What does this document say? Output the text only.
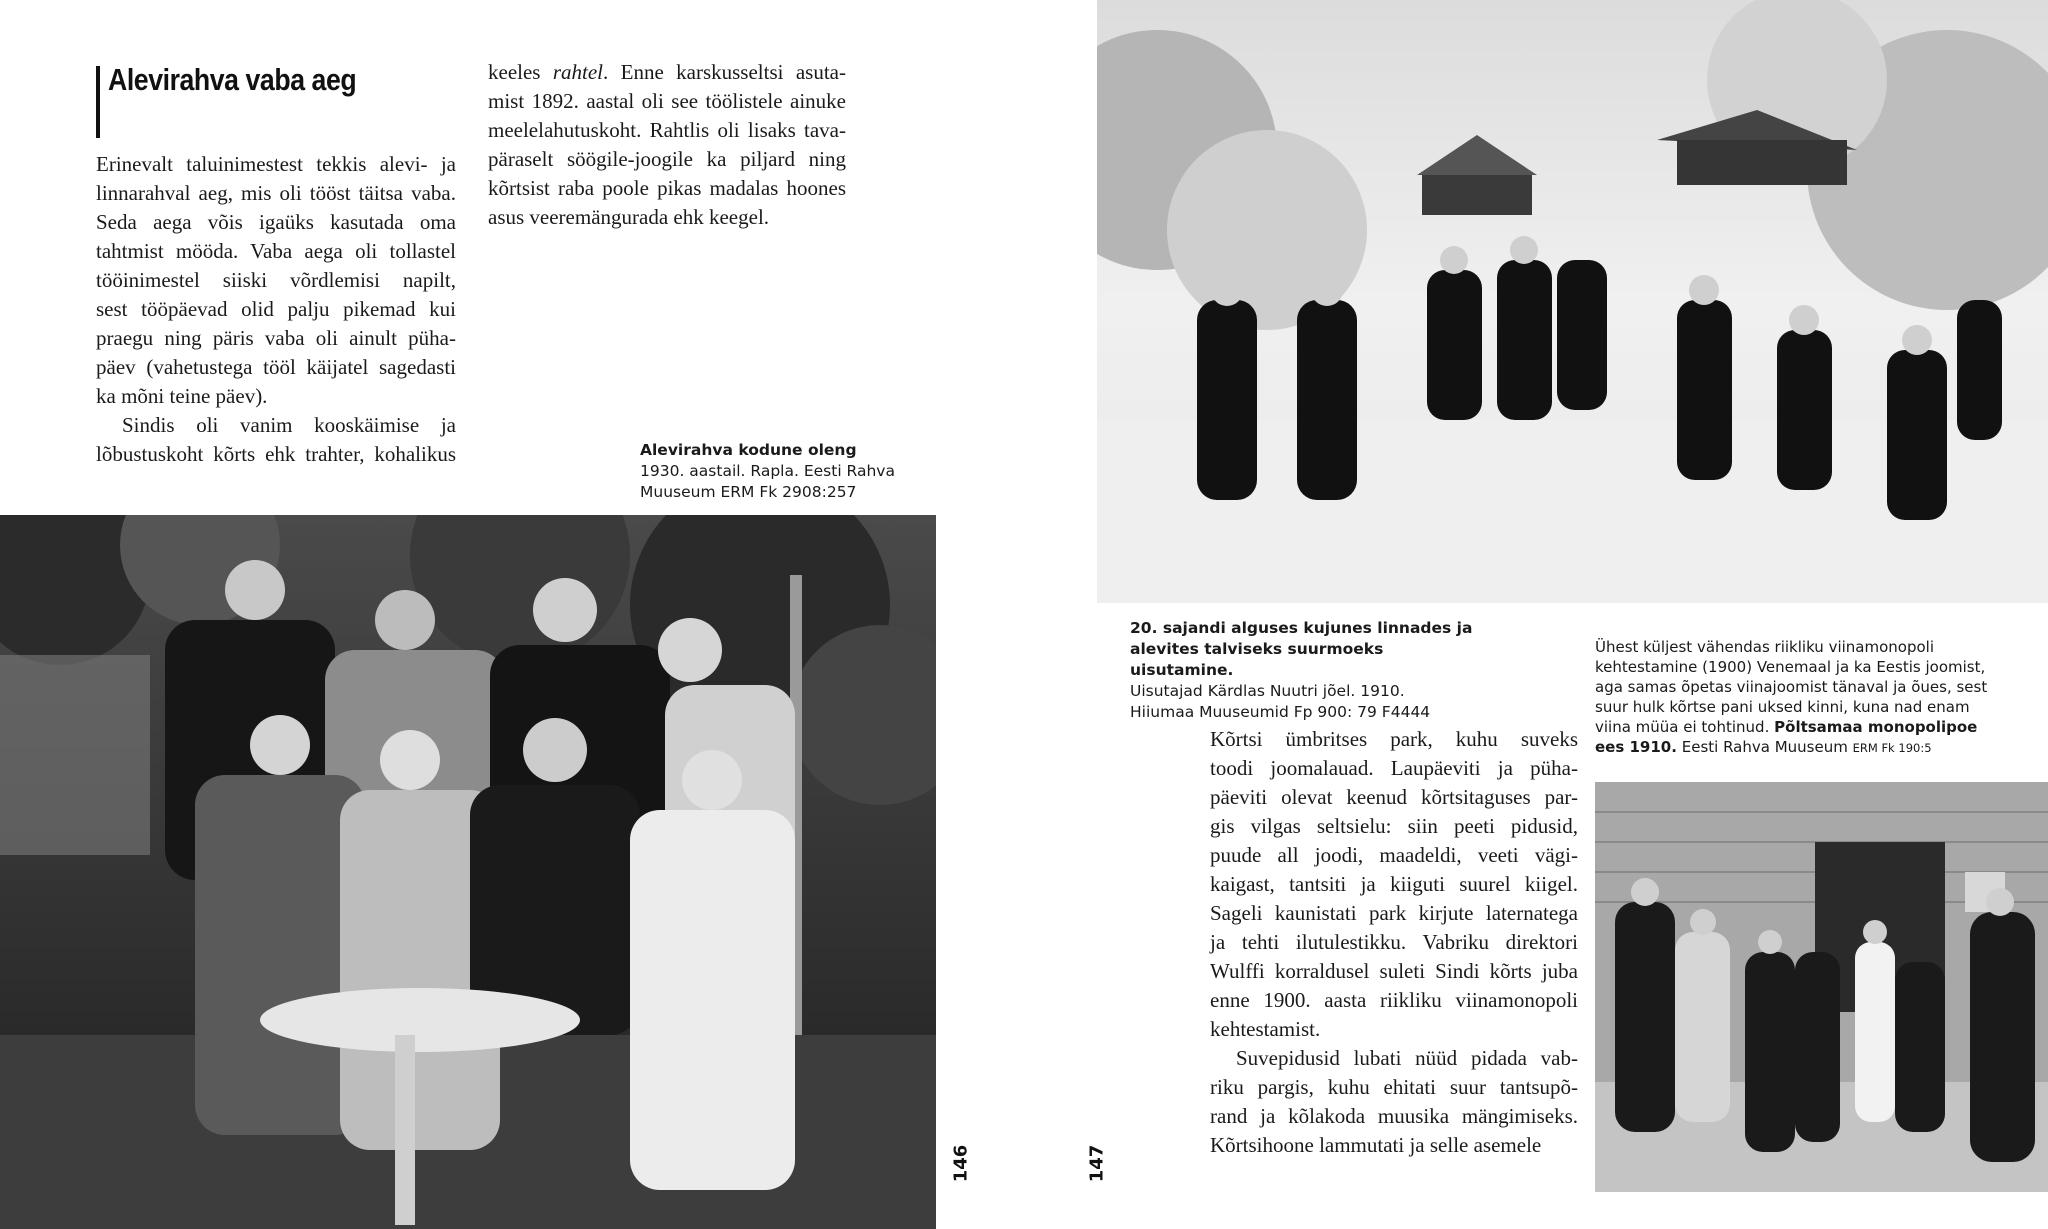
Alevirahva vaba aeg
Erinevalt taluinimestest tekkis alevi- ja
linnarahval aeg, mis oli tööst täitsa vaba.
Seda aega võis igaüks kasutada oma
tahtmist mööda. Vaba aega oli tollastel
tööinimestel siiski võrdlemisi napilt,
sest tööpäevad olid palju pikemad kui
praegu ning päris vaba oli ainult püha-
päev (vahetustega tööl käijatel sagedasti
ka mõni teine päev).
Sindis oli vanim kooskäimise ja
lõbustuskoht kõrts ehk trahter, kohalikus
keeles rahtel. Enne karskusseltsi asuta-
mist 1892. aastal oli see töölistele ainuke
meelelahutuskoht. Rahtlis oli lisaks tava-
päraselt söögile-joogile ka piljard ning
kõrtsist raba poole pikas madalas hoones
asus veeremängurada ehk keegel.
Alevirahva kodune oleng
1930. aastail. Rapla. Eesti Rahva
Muuseum ERM Fk 2908:257
146	147
20. sajandi alguses kujunes linnades ja
alevites talviseks suurmoeks uisutamine.
Uisutajad Kärdlas Nuutri jõel. 1910.
Hiiumaa Muuseumid Fp 900: 79 F4444
Ühest küljest vähendas riikliku viinamonopoli
kehtestamine (1900) Venemaal ja ka Eestis joomist,
aga samas õpetas viinajoomist tänaval ja õues, sest
suur hulk kõrtse pani uksed kinni, kuna nad enam
viina müüa ei tohtinud. Põltsamaa monopolipoe
ees 1910. Eesti Rahva Muuseum ERM Fk 190:5
Kõrtsi ümbritses park, kuhu suveks
toodi joomalauad. Laupäeviti ja püha-
päeviti olevat keenud kõrtsitaguses par-
gis vilgas seltsielu: siin peeti pidusid,
puude all joodi, maadeldi, veeti vägi-
kaigast, tantsiti ja kiiguti suurel kiigel.
Sageli kaunistati park kirjute laternatega
ja tehti ilutulestikku. Vabriku direktori
Wulffi korraldusel suleti Sindi kõrts juba
enne 1900. aasta riikliku viinamonopoli
kehtestamist.
Suvepidusid lubati nüüd pidada vab-
riku pargis, kuhu ehitati suur tantsupõ-
rand ja kõlakoda muusika mängimiseks.
Kõrtsihoone lammutati ja selle asemele
